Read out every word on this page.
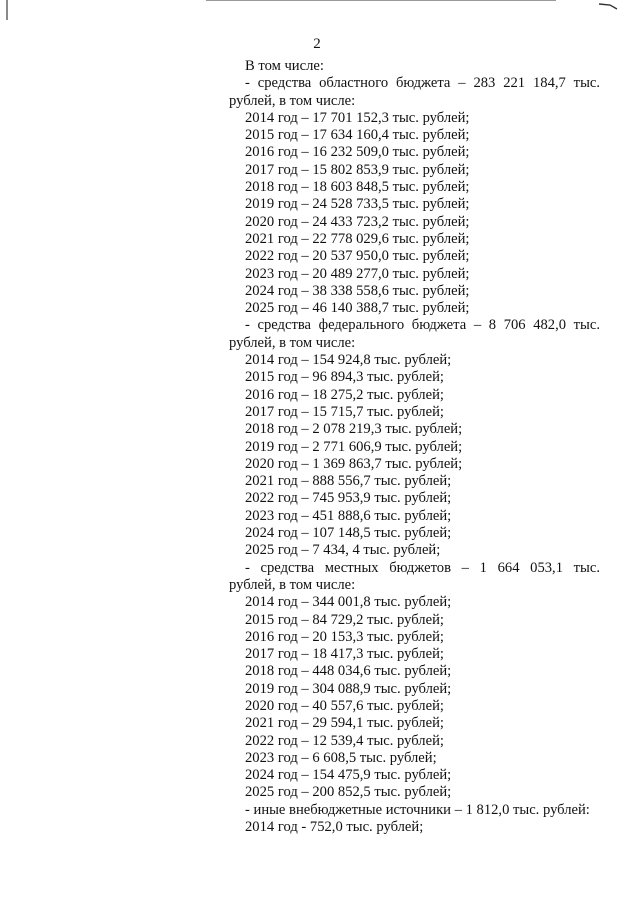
2
В том числе:
- средства областного бюджета – 283 221 184,7 тыс.
рублей, в том числе:
2014 год – 17 701 152,3 тыс. рублей;
2015 год – 17 634 160,4 тыс. рублей;
2016 год – 16 232 509,0 тыс. рублей;
2017 год – 15 802 853,9 тыс. рублей;
2018 год – 18 603 848,5 тыс. рублей;
2019 год – 24 528 733,5 тыс. рублей;
2020 год – 24 433 723,2 тыс. рублей;
2021 год – 22 778 029,6 тыс. рублей;
2022 год – 20 537 950,0 тыс. рублей;
2023 год – 20 489 277,0 тыс. рублей;
2024 год – 38 338 558,6 тыс. рублей;
2025 год – 46 140 388,7 тыс. рублей;
- средства федерального бюджета – 8 706 482,0 тыс.
рублей, в том числе:
2014 год – 154 924,8 тыс. рублей;
2015 год – 96 894,3 тыс. рублей;
2016 год – 18 275,2 тыс. рублей;
2017 год – 15 715,7 тыс. рублей;
2018 год – 2 078 219,3 тыс. рублей;
2019 год – 2 771 606,9 тыс. рублей;
2020 год – 1 369 863,7 тыс. рублей;
2021 год – 888 556,7 тыс. рублей;
2022 год – 745 953,9 тыс. рублей;
2023 год – 451 888,6 тыс. рублей;
2024 год – 107 148,5 тыс. рублей;
2025 год – 7 434, 4 тыс. рублей;
- средства местных бюджетов – 1 664 053,1 тыс.
рублей, в том числе:
2014 год – 344 001,8 тыс. рублей;
2015 год – 84 729,2 тыс. рублей;
2016 год – 20 153,3 тыс. рублей;
2017 год – 18 417,3 тыс. рублей;
2018 год – 448 034,6 тыс. рублей;
2019 год – 304 088,9 тыс. рублей;
2020 год – 40 557,6 тыс. рублей;
2021 год – 29 594,1 тыс. рублей;
2022 год – 12 539,4 тыс. рублей;
2023 год – 6 608,5 тыс. рублей;
2024 год – 154 475,9 тыс. рублей;
2025 год – 200 852,5 тыс. рублей;
- иные внебюджетные источники – 1 812,0 тыс. рублей:
2014 год - 752,0 тыс. рублей;
